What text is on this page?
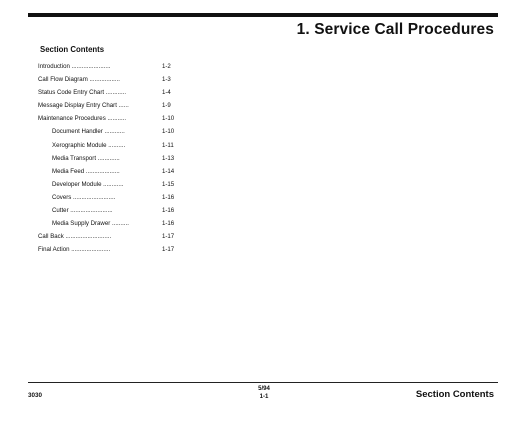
1. Service Call Procedures
Section Contents
Introduction .......................	1-2
Call Flow Diagram ..................	1-3
Status Code Entry Chart ............	1-4
Message Display Entry Chart ......	1-9
Maintenance Procedures ...........	1-10
Document Handler ............	1-10
Xerographic Module ..........	1-11
Media Transport .............	1-13
Media Feed ....................	1-14
Developer Module ............	1-15
Covers .........................	1-16
Cutter .........................	1-16
Media Supply Drawer ..........	1-16
Call Back ...........................	1-17
Final Action .......................	1-17
3030
5/94
1-1	Section Contents
